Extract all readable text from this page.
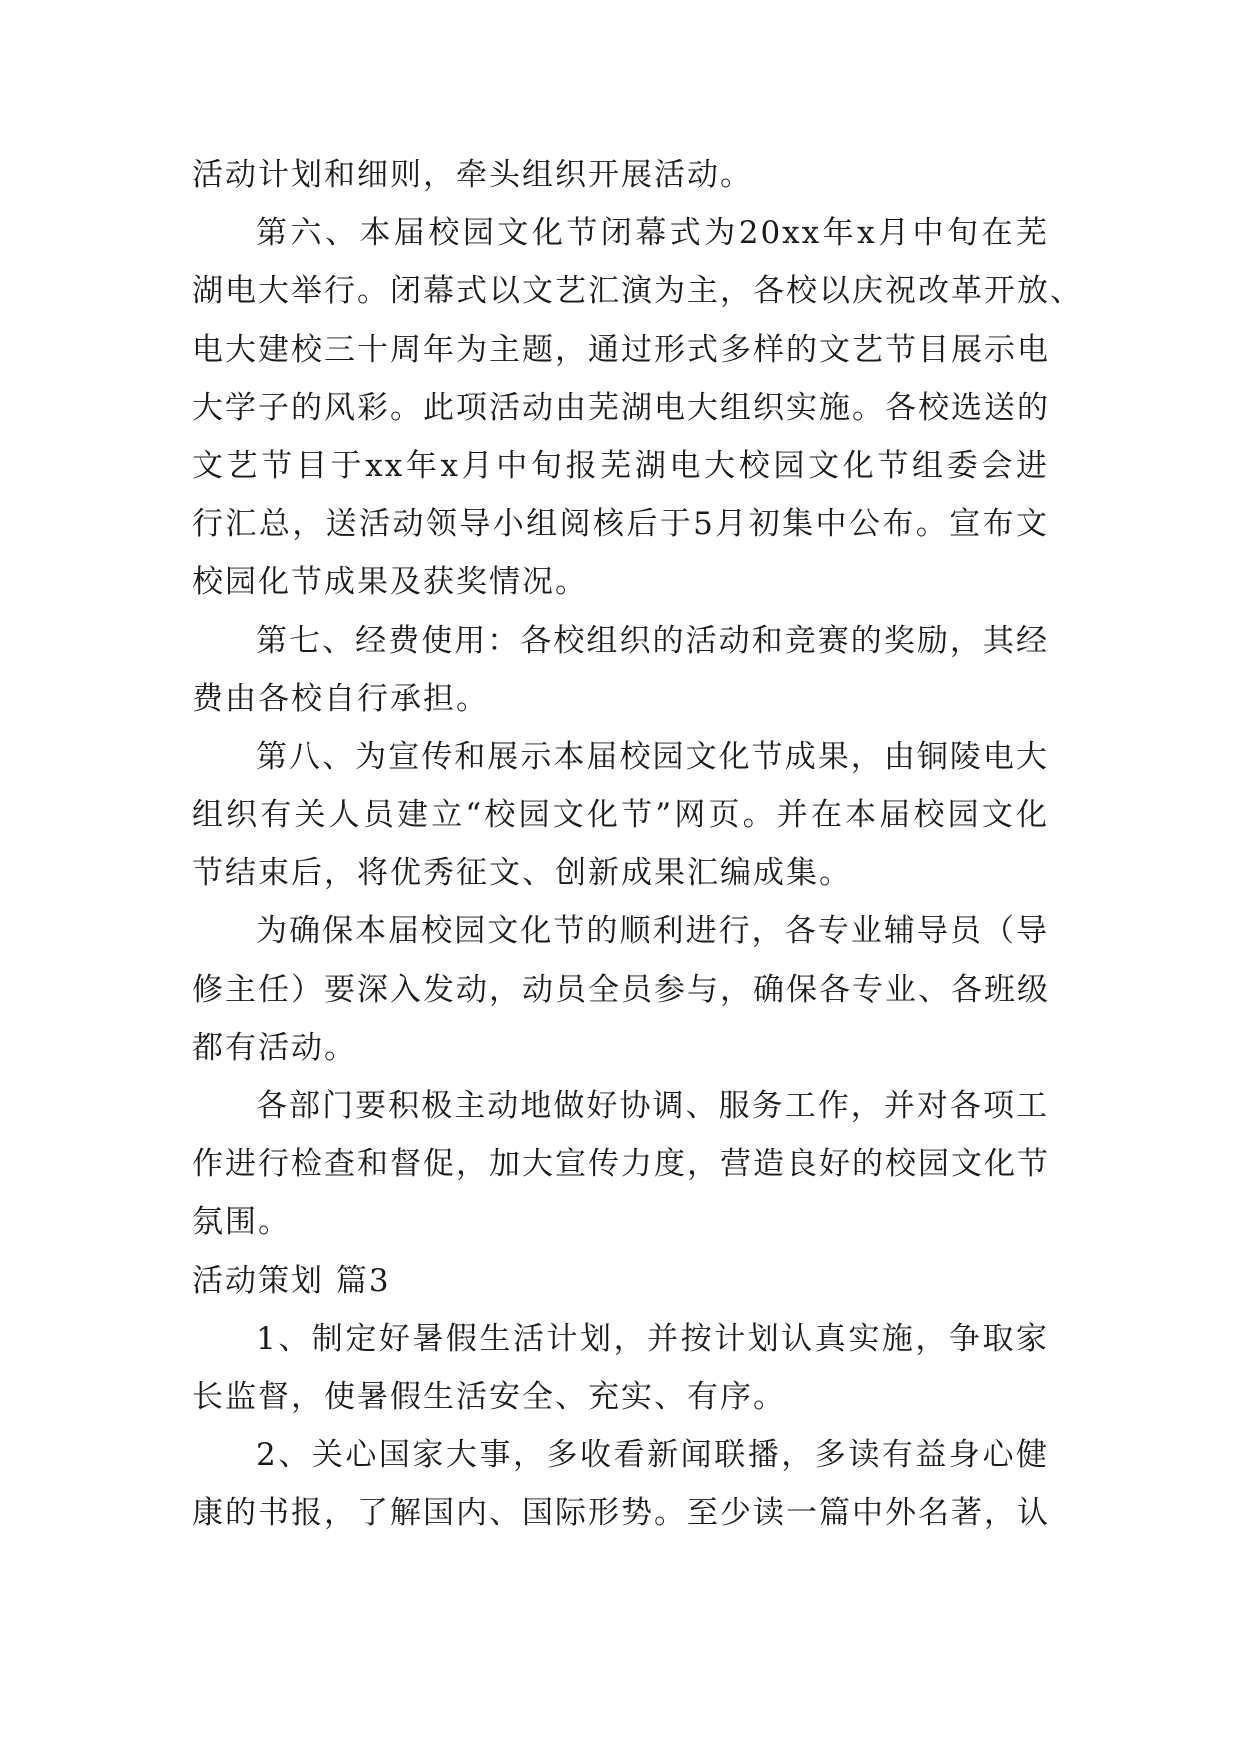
活动计划和细则，牵头组织开展活动。
第六、本届校园文化节闭幕式为20xx年x月中旬在芜
湖电大举行。闭幕式以文艺汇演为主，各校以庆祝改革开放、
电大建校三十周年为主题，通过形式多样的文艺节目展示电
大学子的风彩。此项活动由芜湖电大组织实施。各校选送的
文艺节目于xx年x月中旬报芜湖电大校园文化节组委会进
行汇总，送活动领导小组阅核后于5月初集中公布。宣布文
校园化节成果及获奖情况。
第七、经费使用：各校组织的活动和竞赛的奖励，其经
费由各校自行承担。
第八、为宣传和展示本届校园文化节成果，由铜陵电大
组织有关人员建立“校园文化节”网页。并在本届校园文化
节结束后，将优秀征文、创新成果汇编成集。
为确保本届校园文化节的顺利进行，各专业辅导员（导
修主任）要深入发动，动员全员参与，确保各专业、各班级
都有活动。
各部门要积极主动地做好协调、服务工作，并对各项工
作进行检查和督促，加大宣传力度，营造良好的校园文化节
氛围。
活动策划 篇3
1、制定好暑假生活计划，并按计划认真实施，争取家
长监督，使暑假生活安全、充实、有序。
2、关心国家大事，多收看新闻联播，多读有益身心健
康的书报，了解国内、国际形势。至少读一篇中外名著，认
